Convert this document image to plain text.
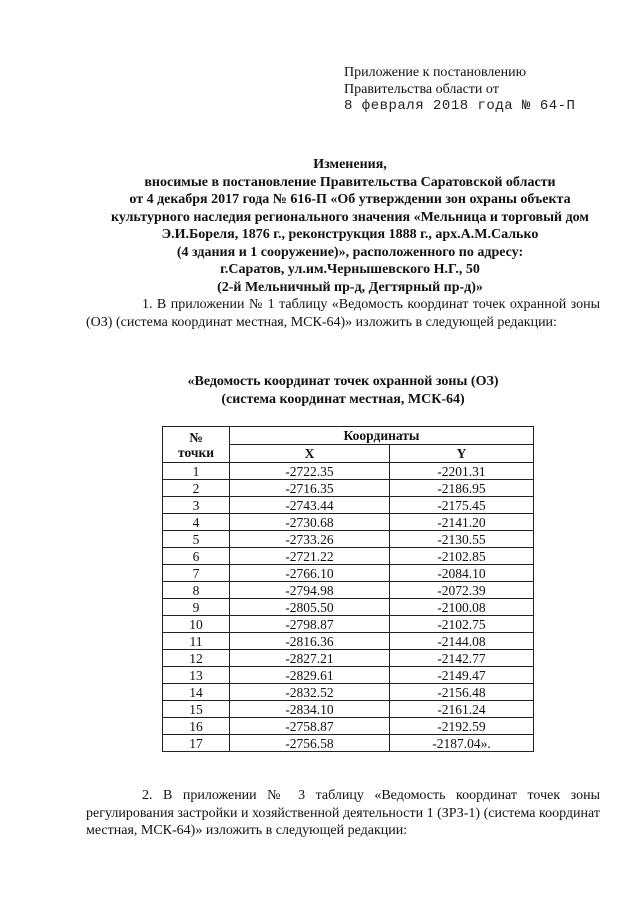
Приложение к постановлению
Правительства области от
8 февраля 2018 года № 64-П
Изменения,
вносимые в постановление Правительства Саратовской области
от 4 декабря 2017 года № 616-П «Об утверждении зон охраны объекта
культурного наследия регионального значения «Мельница и торговый дом
Э.И.Бореля, 1876 г., реконструкция 1888 г., арх.А.М.Салько
(4 здания и 1 сооружение)», расположенного по адресу:
г.Саратов, ул.им.Чернышевского Н.Г., 50
(2-й Мельничный пр-д, Дегтярный пр-д)»
1. В приложении № 1 таблицу «Ведомость координат точек охранной зоны (ОЗ) (система координат местная, МСК-64)» изложить в следующей редакции:
«Ведомость координат точек охранной зоны (ОЗ)
(система координат местная, МСК-64)
№ точки	Координаты	
	X	Y
1	-2722.35	-2201.31
2	-2716.35	-2186.95
3	-2743.44	-2175.45
4	-2730.68	-2141.20
5	-2733.26	-2130.55
6	-2721.22	-2102.85
7	-2766.10	-2084.10
8	-2794.98	-2072.39
9	-2805.50	-2100.08
10	-2798.87	-2102.75
11	-2816.36	-2144.08
12	-2827.21	-2142.77
13	-2829.61	-2149.47
14	-2832.52	-2156.48
15	-2834.10	-2161.24
16	-2758.87	-2192.59
17	-2756.58	-2187.04».
2. В приложении № 3 таблицу «Ведомость координат точек зоны регулирования застройки и хозяйственной деятельности 1 (ЗРЗ-1) (система координат местная, МСК-64)» изложить в следующей редакции:
